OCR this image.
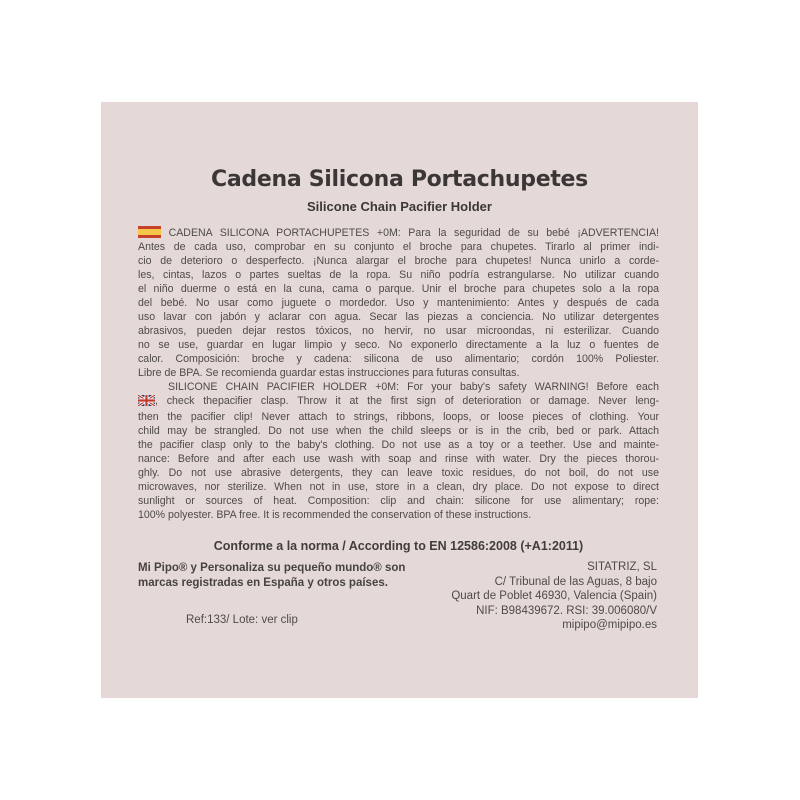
Cadena Silicona Portachupetes
Silicone Chain Pacifier Holder
CADENA SILICONA PORTACHUPETES +0M: Para la seguridad de su bebé ¡ADVERTENCIA!
Antes de cada uso, comprobar en su conjunto el broche para chupetes. Tirarlo al primer indi-
cio de deterioro o desperfecto. ¡Nunca alargar el broche para chupetes! Nunca unirlo a corde-
les, cintas, lazos o partes sueltas de la ropa. Su niño podría estrangularse. No utilizar cuando
el niño duerme o está en la cuna, cama o parque. Unir el broche para chupetes solo a la ropa
del bebé. No usar como juguete o mordedor. Uso y mantenimiento: Antes y después de cada
uso lavar con jabón y aclarar con agua. Secar las piezas a conciencia. No utilizar detergentes
abrasivos, pueden dejar restos tóxicos, no hervir, no usar microondas, ni esterilizar. Cuando
no se use, guardar en lugar limpio y seco. No exponerlo directamente a la luz o fuentes de
calor. Composición: broche y cadena: silicona de uso alimentario; cordón 100% Poliester.
Libre de BPA. Se recomienda guardar estas instrucciones para futuras consultas.
SILICONE CHAIN PACIFIER HOLDER +0M: For your baby's safety WARNING! Before each
, check thepacifier clasp. Throw it at the first sign of deterioration or damage. Never leng-
then the pacifier clip! Never attach to strings, ribbons, loops, or loose pieces of clothing. Your
child may be strangled. Do not use when the child sleeps or is in the crib, bed or park. Attach
the pacifier clasp only to the baby's clothing. Do not use as a toy or a teether. Use and mainte-
nance: Before and after each use wash with soap and rinse with water. Dry the pieces thorou-
ghly. Do not use abrasive detergents, they can leave toxic residues, do not boil, do not use
microwaves, nor sterilize. When not in use, store in a clean, dry place. Do not expose to direct
sunlight or sources of heat. Composition: clip and chain: silicone for use alimentary; rope:
100% polyester. BPA free. It is recommended the conservation of these instructions.
Conforme a la norma / According to EN 12586:2008 (+A1:2011)
Mi Pipo® y Personaliza su pequeño mundo® son
marcas registradas en España y otros países.
SITATRIZ, SL
C/ Tribunal de las Aguas, 8 bajo
Quart de Poblet 46930, Valencia (Spain)
NIF: B98439672. RSI: 39.006080/V
mipipo@mipipo.es
Ref:133/ Lote: ver clip
